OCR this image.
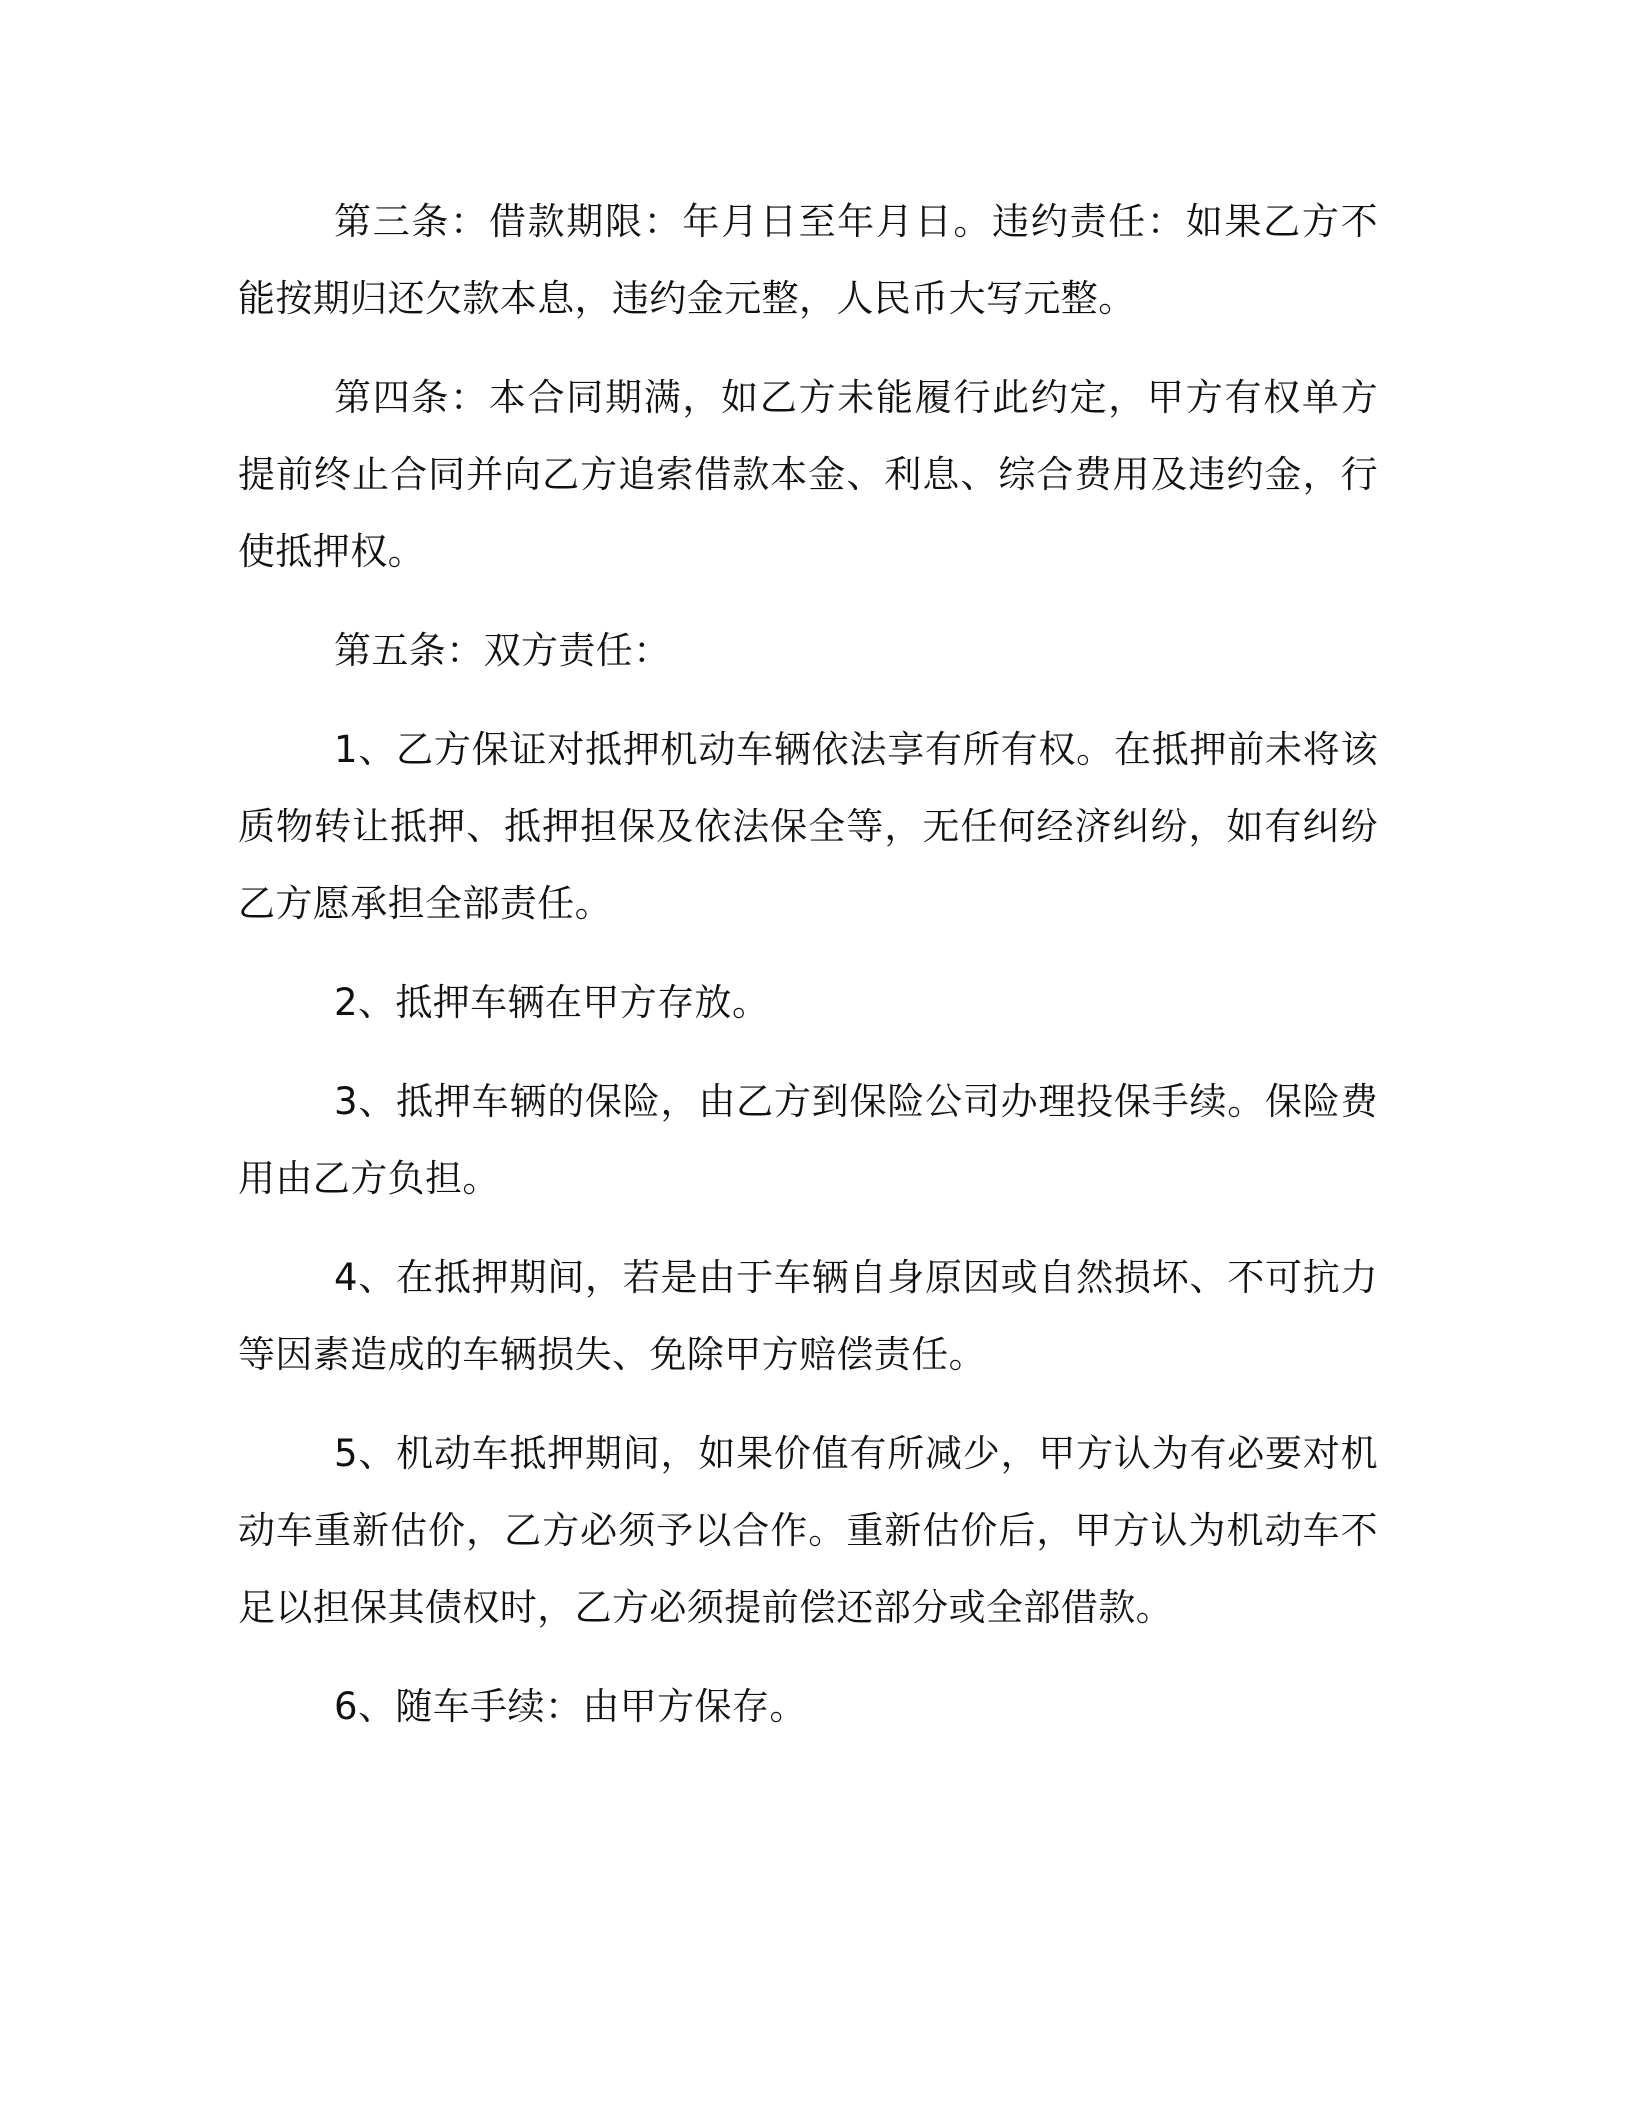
第三条：借款期限：年月日至年月日。违约责任：如果乙方不能按期归还欠款本息，违约金元整，人民币大写元整。

第四条：本合同期满，如乙方未能履行此约定，甲方有权单方提前终止合同并向乙方追索借款本金、利息、综合费用及违约金，行使抵押权。

第五条：双方责任：

1、乙方保证对抵押机动车辆依法享有所有权。在抵押前未将该质物转让抵押、抵押担保及依法保全等，无任何经济纠纷，如有纠纷乙方愿承担全部责任。

2、抵押车辆在甲方存放。

3、抵押车辆的保险，由乙方到保险公司办理投保手续。保险费用由乙方负担。

4、在抵押期间，若是由于车辆自身原因或自然损坏、不可抗力等因素造成的车辆损失、免除甲方赔偿责任。

5、机动车抵押期间，如果价值有所减少，甲方认为有必要对机动车重新估价，乙方必须予以合作。重新估价后，甲方认为机动车不足以担保其债权时，乙方必须提前偿还部分或全部借款。

6、随车手续：由甲方保存。
